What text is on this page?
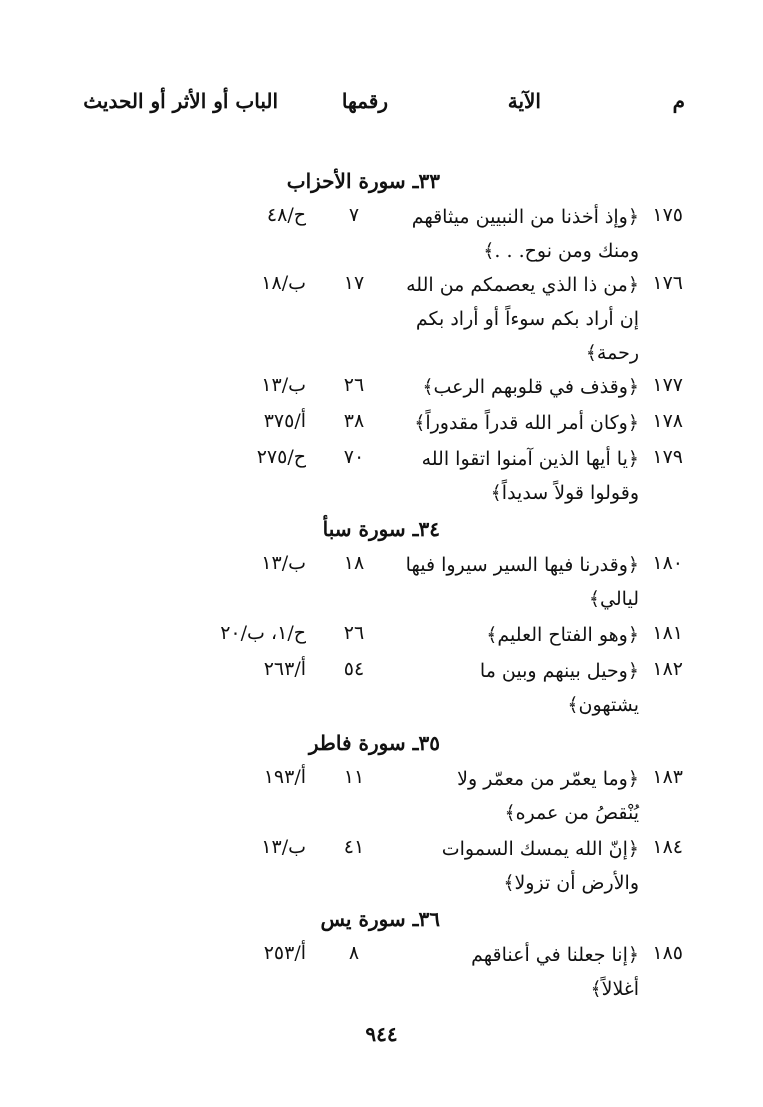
م
الآية
رقمها
الباب أو الأثر أو الحديث
٣٣ـ سورة الأحزاب
١٧٥
﴿وإذ أخذنا من النبيين ميثاقهم
ومنك ومن نوح. . .﴾
٧
ح/٤٨
١٧٦
﴿من ذا الذي يعصمكم من الله
إن أراد بكم سوءاً أو أراد بكم
رحمة﴾
١٧
ب/١٨
١٧٧
﴿وقذف في قلوبهم الرعب﴾
٢٦
ب/١٣
١٧٨
﴿وكان أمر الله قدراً مقدوراً﴾
٣٨
أ/٣٧٥
١٧٩
﴿يا أيها الذين آمنوا اتقوا الله
وقولوا قولاً سديداً﴾
٧٠
ح/٢٧٥
٣٤ـ سورة سبأ
١٨٠
﴿وقدرنا فيها السير سيروا فيها
ليالي﴾
١٨
ب/١٣
١٨١
﴿وهو الفتاح العليم﴾
٢٦
ح/١، ب/٢٠
١٨٢
﴿وحيل بينهم وبين ما
يشتهون﴾
٥٤
أ/٢٦٣
٣٥ـ سورة فاطر
١٨٣
﴿وما يعمّر من معمّر ولا
يُنْقصُ من عمره﴾
١١
أ/١٩٣
١٨٤
﴿إنّ الله يمسك السموات
والأرض أن تزولا﴾
٤١
ب/١٣
٣٦ـ سورة يس
١٨٥
﴿إنا جعلنا في أعناقهم
أغلالاً﴾
٨
أ/٢٥٣
٩٤٤
